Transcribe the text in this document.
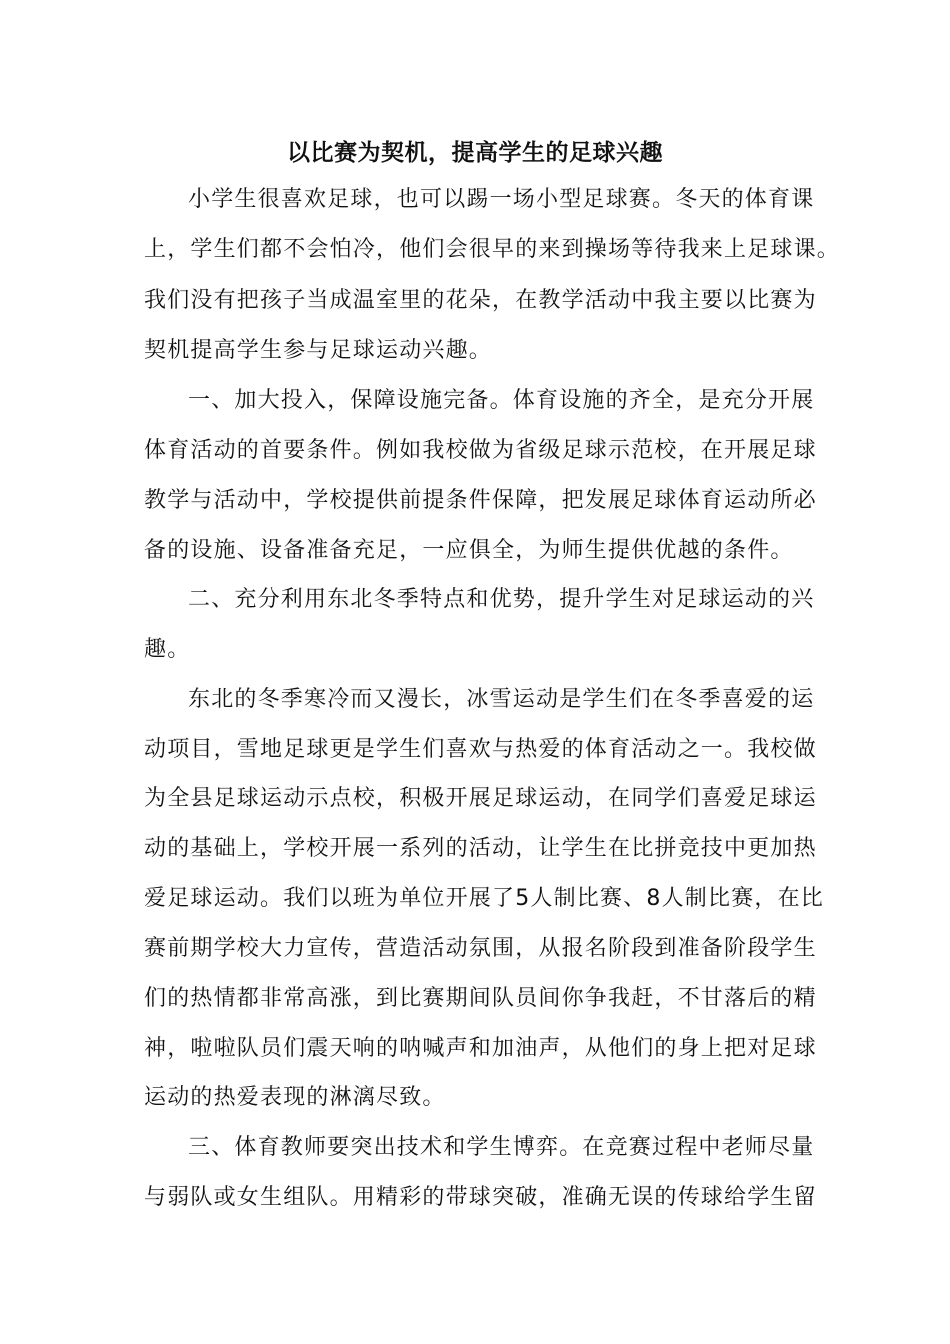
以比赛为契机，提高学生的足球兴趣
小学生很喜欢足球，也可以踢一场小型足球赛。冬天的体育课
上，学生们都不会怕冷，他们会很早的来到操场等待我来上足球课。
我们没有把孩子当成温室里的花朵，在教学活动中我主要以比赛为
契机提高学生参与足球运动兴趣。
一、加大投入，保障设施完备。体育设施的齐全，是充分开展
体育活动的首要条件。例如我校做为省级足球示范校，在开展足球
教学与活动中，学校提供前提条件保障，把发展足球体育运动所必
备的设施、设备准备充足，一应俱全，为师生提供优越的条件。
二、充分利用东北冬季特点和优势，提升学生对足球运动的兴
趣。
东北的冬季寒冷而又漫长，冰雪运动是学生们在冬季喜爱的运
动项目，雪地足球更是学生们喜欢与热爱的体育活动之一。我校做
为全县足球运动示点校，积极开展足球运动，在同学们喜爱足球运
动的基础上，学校开展一系列的活动，让学生在比拼竞技中更加热
爱足球运动。我们以班为单位开展了5人制比赛、8人制比赛，在比
赛前期学校大力宣传，营造活动氛围，从报名阶段到准备阶段学生
们的热情都非常高涨，到比赛期间队员间你争我赶，不甘落后的精
神，啦啦队员们震天响的呐喊声和加油声，从他们的身上把对足球
运动的热爱表现的淋漓尽致。
三、体育教师要突出技术和学生博弈。在竞赛过程中老师尽量
与弱队或女生组队。用精彩的带球突破，准确无误的传球给学生留
